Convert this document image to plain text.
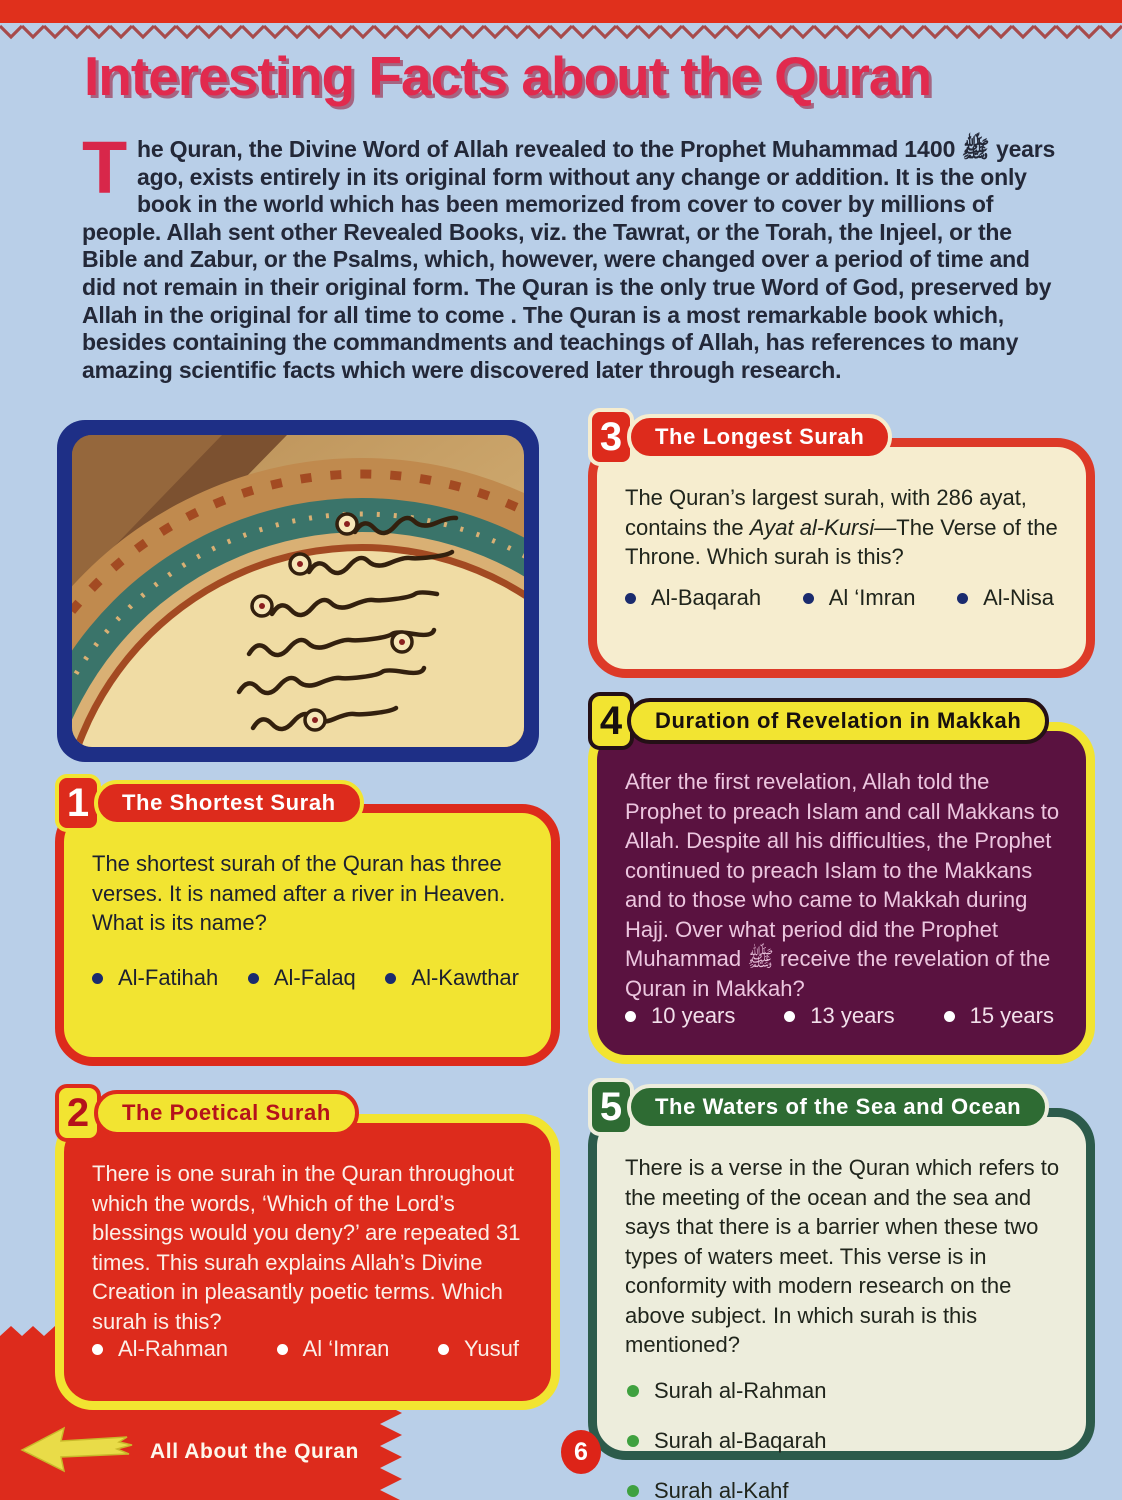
Interesting Facts about the Quran

The Quran, the Divine Word of Allah revealed to the Prophet Muhammad ﷺ 1400 years ago, exists entirely in its original form without any change or addition. It is the only book in the world which has been memorized from cover to cover by millions of people. Allah sent other Revealed Books, viz. the Tawrat, or the Torah, the Injeel, or the Bible and Zabur, or the Psalms, which, however, were changed over a period of time and did not remain in their original form. The Quran is the only true Word of God, preserved by Allah in the original for all time to come . The Quran is a most remarkable book which, besides containing the commandments and teachings of Allah, has references to many amazing scientific facts which were discovered later through research.

1	The Shortest Surah

The shortest surah of the Quran has three verses. It is named after a river in Heaven. What is its name?

Al-Fatihah	Al-Falaq	Al-Kawthar
2	The Poetical Surah

There is one surah in the Quran throughout which the words, ‘Which of the Lord’s blessings would you deny?’ are repeated 31 times. This surah explains Allah’s Divine Creation in pleasantly poetic terms. Which surah is this?

Al-Rahman	Al ‘Imran	Yusuf
3	The Longest Surah

The Quran’s largest surah, with 286 ayat, contains the Ayat al-Kursi—The Verse of the Throne. Which surah is this?

Al-Baqarah	Al ‘Imran	Al-Nisa
4	Duration of Revelation in Makkah

After the first revelation, Allah told the Prophet to preach Islam and call Makkans to Allah. Despite all his difficulties, the Prophet continued to preach Islam to the Makkans and to those who came to Makkah during Hajj. Over what period did the Prophet Muhammad ﷺ receive the revelation of the Quran in Makkah?

10 years	13 years	15 years
5	The Waters of the Sea and Ocean

There is a verse in the Quran which refers to the meeting of the ocean and the sea and says that there is a barrier when these two types of waters meet. This verse is in conformity with modern research on the above subject. In which surah is this mentioned?

Surah al-Rahman
Surah al-Baqarah
Surah al-Kahf
All About the Quran	6
